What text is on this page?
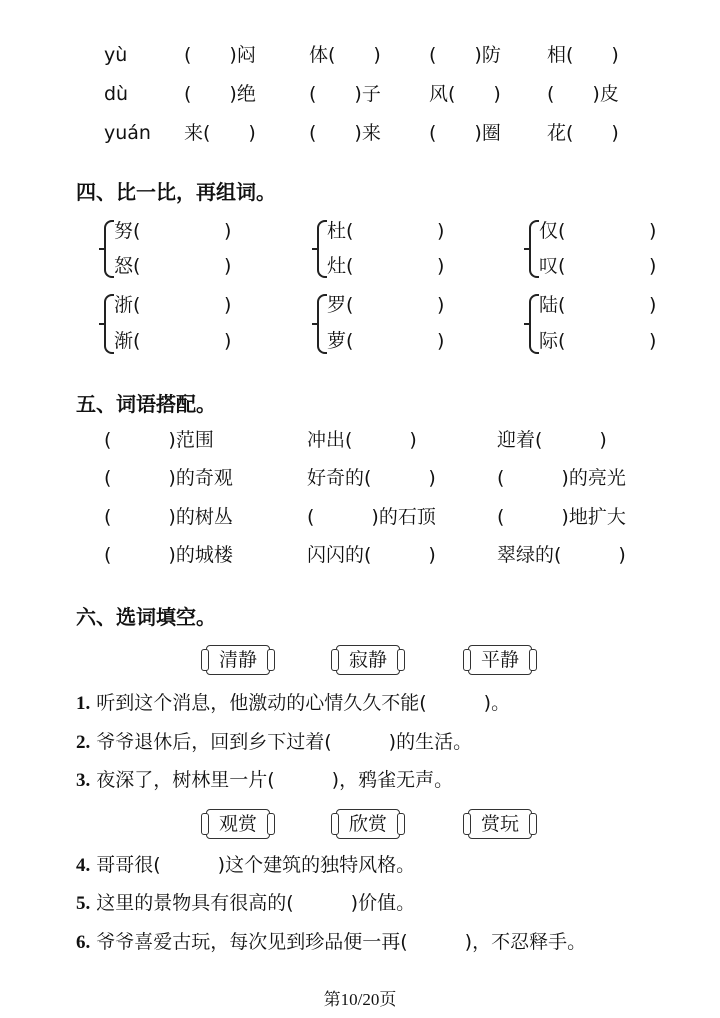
yù	(　　)闷	体(　　)	(　　)防 相(　　)
dù	(　　)绝	(　　)子	风(　　) (　　)皮
yuán 来(　　)	(　　)来	(　　)圈 花(　　)
四、比一比，再组词。
努(	)
怒(	)
杜(	)
灶(	)
仅(	)
叹(	)
浙(	)
渐(	)
罗(	)
萝(	)
陆(	)
际(	)
五、词语搭配。
(　　　)范围	冲出(　　　)	迎着(　　　)
(　　　)的奇观	好奇的(　　　)	(　　　)的亮光
(　　　)的树丛	(　　　)的石顶	(　　　)地扩大
(　　　)的城楼	闪闪的(　　　)	翠绿的(　　　)
六、选词填空。
清静	寂静	平静
1. 听到这个消息，他激动的心情久久不能(　　　)。
2. 爷爷退休后，回到乡下过着(　　　)的生活。
3. 夜深了，树林里一片(　　　)，鸦雀无声。
观赏	欣赏	赏玩
4. 哥哥很(　　　)这个建筑的独特风格。
5. 这里的景物具有很高的(　　　)价值。
6. 爷爷喜爱古玩，每次见到珍品便一再(　　　)，不忍释手。
第10/20页
